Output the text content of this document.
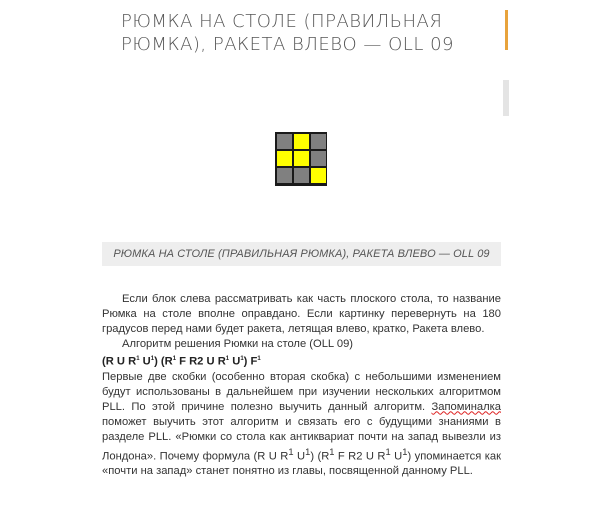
РЮМКА НА СТОЛЕ (ПРАВИЛЬНАЯ РЮМКА), РАКЕТА ВЛЕВО — OLL 09
РЮМКА НА СТОЛЕ (ПРАВИЛЬНАЯ РЮМКА), РАКЕТА ВЛЕВО — OLL 09

Если блок слева рассматривать как часть плоского стола, то название Рюмка на столе вполне оправдано. Если картинку перевернуть на 180 градусов перед нами будет ракета, летящая влево, кратко, Ракета влево.

Алгоритм решения Рюмки на столе (OLL 09)

(R U $R^1$ $U^1$) ($R^1$ F R2 U $R^1$ $U^1$) $F^1$

Первые две скобки (особенно вторая скобка) с небольшими изменением будут использованы в дальнейшем при изучении нескольких алгоритмом PLL. По этой причине полезно выучить данный алгоритм. Запоминалка поможет выучить этот алгоритм и связать его с будущими знаниями в разделе PLL. «Рюмки со стола как антиквариат почти на запад вывезли из Лондона». Почему формула (R U $R^1$ $U^1$) ($R^1$ F R2 U $R^1$ $U^1$) упоминается как «почти на запад» станет понятно из главы, посвященной данному PLL.
